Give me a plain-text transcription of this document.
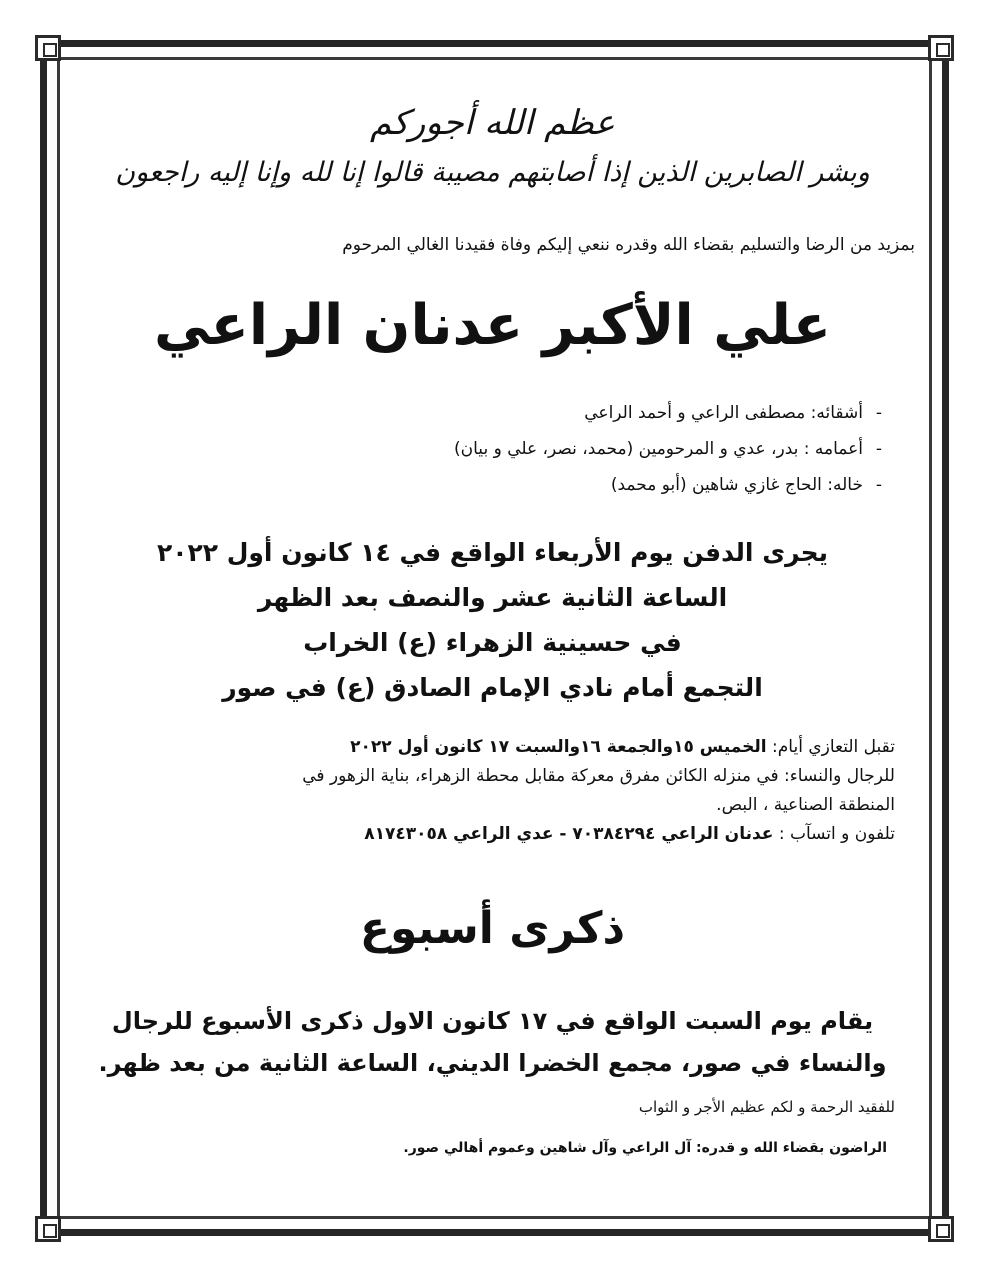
عظم الله أجوركم
وبشر الصابرين الذين إذا أصابتهم مصيبة قالوا إنا لله وإنا إليه راجعون
بمزيد من الرضا والتسليم بقضاء الله وقدره ننعي إليكم وفاة فقيدنا الغالي المرحوم
علي الأكبر عدنان الراعي
-أشقائه: مصطفى الراعي و أحمد الراعي
-أعمامه : بدر، عدي و المرحومين (محمد، نصر، علي و بيان)
-خاله: الحاج غازي شاهين (أبو محمد)
يجرى الدفن يوم الأربعاء الواقع في ١٤ كانون أول ٢٠٢٢
الساعة الثانية عشر والنصف بعد الظهر
في حسينية الزهراء (ع) الخراب
التجمع أمام نادي الإمام الصادق (ع) في صور
تقبل التعازي أيام: الخميس ١٥والجمعة ١٦والسبت ١٧ كانون أول ٢٠٢٢
للرجال والنساء: في منزله الكائن مفرق معركة مقابل محطة الزهراء، بناية الزهور في
المنطقة الصناعية ، البص.
تلفون و اتسآب : عدنان الراعي ٧٠٣٨٤٢٩٤ - عدي الراعي ٨١٧٤٣٠٥٨
ذكرى أسبوع
يقام يوم السبت الواقع في ١٧ كانون الاول ذكرى الأسبوع للرجال
والنساء في صور، مجمع الخضرا الديني، الساعة الثانية من بعد ظهر.
للفقيد الرحمة و لكم عظيم الأجر و الثواب
الراضون بقضاء الله و قدره: آل الراعي وآل شاهين وعموم أهالي صور.
